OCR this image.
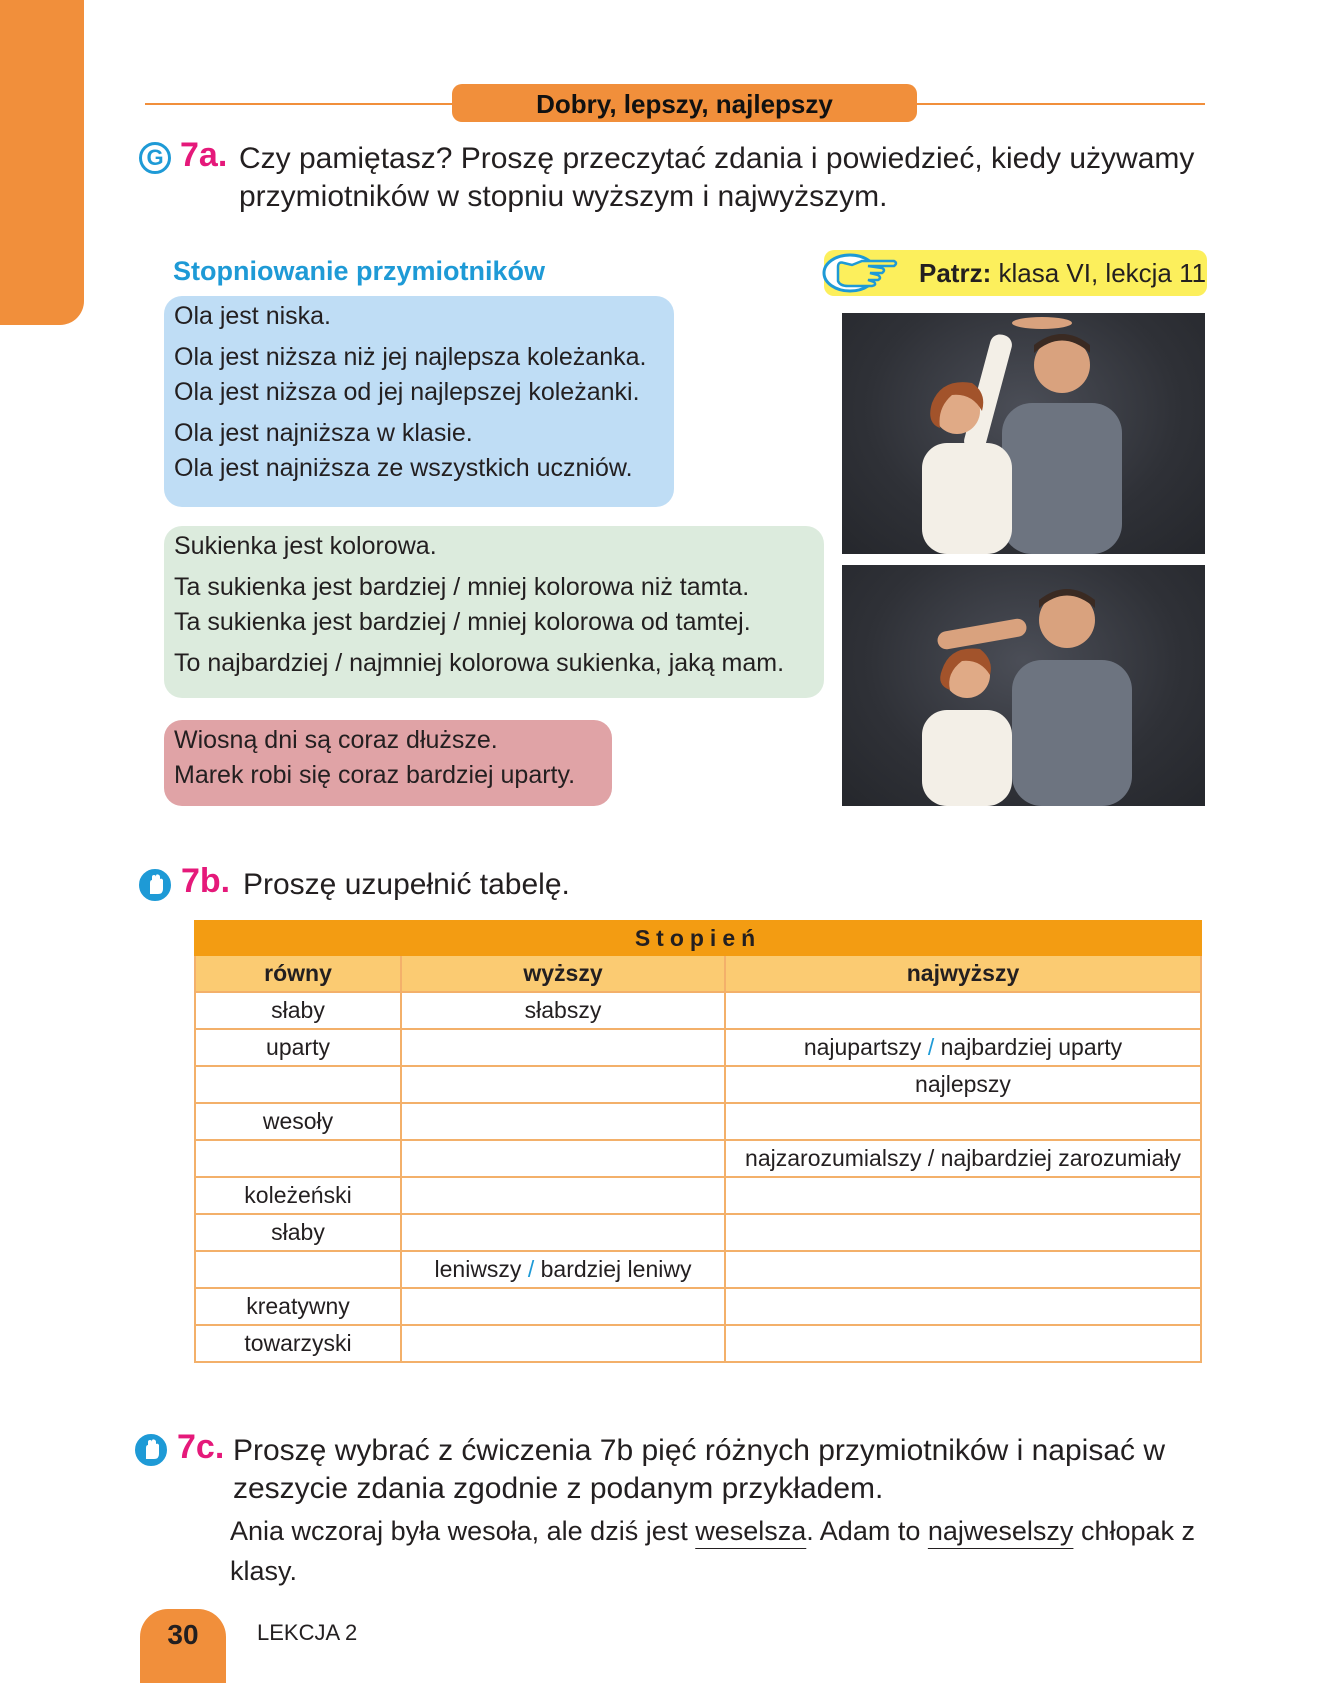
Dobry, lepszy, najlepszy
G 7a. Czy pamiętasz? Proszę przeczytać zdania i powiedzieć, kiedy używamy
przymiotników w stopniu wyższym i najwyższym.
Stopniowanie przymiotników
Ola jest niska.
Ola jest niższa niż jej najlepsza koleżanka.
Ola jest niższa od jej najlepszej koleżanki.
Ola jest najniższa w klasie.
Ola jest najniższa ze wszystkich uczniów.
Sukienka jest kolorowa.
Ta sukienka jest bardziej / mniej kolorowa niż tamta.
Ta sukienka jest bardziej / mniej kolorowa od tamtej.
To najbardziej / najmniej kolorowa sukienka, jaką mam.
Wiosną dni są coraz dłuższe.
Marek robi się coraz bardziej uparty.
Patrz: klasa VI, lekcja 11
7b. Proszę uzupełnić tabelę.
Stopień		
równy	wyższy	najwyższy
słaby	słabszy	
uparty		najupartszy / najbardziej uparty
		najlepszy
wesoły		
		najzarozumialszy / najbardziej zarozumiały
koleżeński		
słaby		
	leniwszy / bardziej leniwy	
kreatywny		
towarzyski		
7c. Proszę wybrać z ćwiczenia 7b pięć różnych przymiotników i napisać w
zeszycie zdania zgodnie z podanym przykładem.
Ania wczoraj była wesoła, ale dziś jest weselsza. Adam to najweselszy chłopak z
klasy.
30	LEKCJA 2
